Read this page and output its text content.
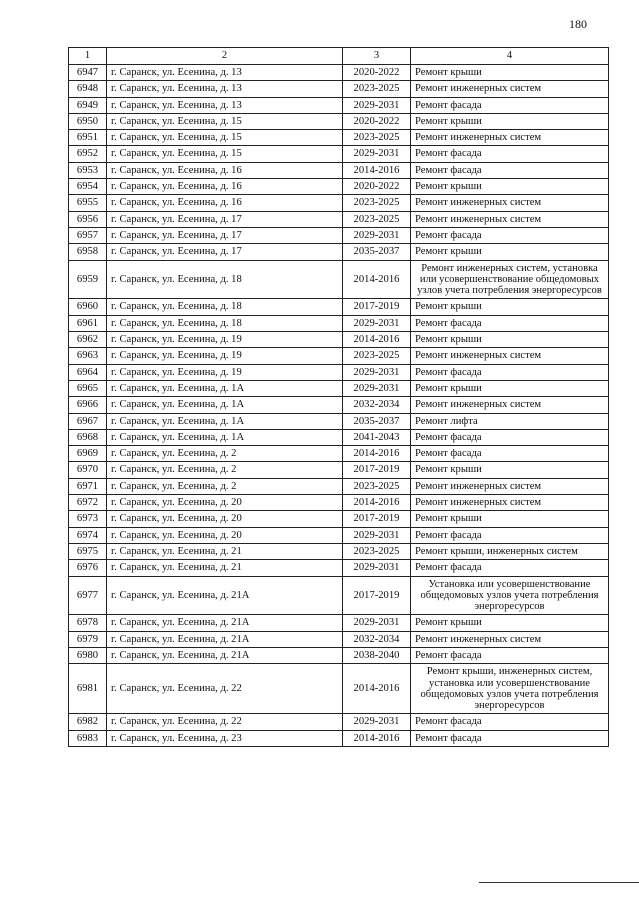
180
1	2	3	4
6947	г. Саранск, ул. Есенина, д. 13	2020-2022	Ремонт крыши
6948	г. Саранск, ул. Есенина, д. 13	2023-2025	Ремонт инженерных систем
6949	г. Саранск, ул. Есенина, д. 13	2029-2031	Ремонт фасада
6950	г. Саранск, ул. Есенина, д. 15	2020-2022	Ремонт крыши
6951	г. Саранск, ул. Есенина, д. 15	2023-2025	Ремонт инженерных систем
6952	г. Саранск, ул. Есенина, д. 15	2029-2031	Ремонт фасада
6953	г. Саранск, ул. Есенина, д. 16	2014-2016	Ремонт фасада
6954	г. Саранск, ул. Есенина, д. 16	2020-2022	Ремонт крыши
6955	г. Саранск, ул. Есенина, д. 16	2023-2025	Ремонт инженерных систем
6956	г. Саранск, ул. Есенина, д. 17	2023-2025	Ремонт инженерных систем
6957	г. Саранск, ул. Есенина, д. 17	2029-2031	Ремонт фасада
6958	г. Саранск, ул. Есенина, д. 17	2035-2037	Ремонт крыши
6959	г. Саранск, ул. Есенина, д. 18	2014-2016	Ремонт инженерных систем, установка или усовершенствование общедомовых узлов учета потребления энергоресурсов
6960	г. Саранск, ул. Есенина, д. 18	2017-2019	Ремонт крыши
6961	г. Саранск, ул. Есенина, д. 18	2029-2031	Ремонт фасада
6962	г. Саранск, ул. Есенина, д. 19	2014-2016	Ремонт крыши
6963	г. Саранск, ул. Есенина, д. 19	2023-2025	Ремонт инженерных систем
6964	г. Саранск, ул. Есенина, д. 19	2029-2031	Ремонт фасада
6965	г. Саранск, ул. Есенина, д. 1А	2029-2031	Ремонт крыши
6966	г. Саранск, ул. Есенина, д. 1А	2032-2034	Ремонт инженерных систем
6967	г. Саранск, ул. Есенина, д. 1А	2035-2037	Ремонт лифта
6968	г. Саранск, ул. Есенина, д. 1А	2041-2043	Ремонт фасада
6969	г. Саранск, ул. Есенина, д. 2	2014-2016	Ремонт фасада
6970	г. Саранск, ул. Есенина, д. 2	2017-2019	Ремонт крыши
6971	г. Саранск, ул. Есенина, д. 2	2023-2025	Ремонт инженерных систем
6972	г. Саранск, ул. Есенина, д. 20	2014-2016	Ремонт инженерных систем
6973	г. Саранск, ул. Есенина, д. 20	2017-2019	Ремонт крыши
6974	г. Саранск, ул. Есенина, д. 20	2029-2031	Ремонт фасада
6975	г. Саранск, ул. Есенина, д. 21	2023-2025	Ремонт крыши, инженерных систем
6976	г. Саранск, ул. Есенина, д. 21	2029-2031	Ремонт фасада
6977	г. Саранск, ул. Есенина, д. 21А	2017-2019	Установка или усовершенствование общедомовых узлов учета потребления энергоресурсов
6978	г. Саранск, ул. Есенина, д. 21А	2029-2031	Ремонт крыши
6979	г. Саранск, ул. Есенина, д. 21А	2032-2034	Ремонт инженерных систем
6980	г. Саранск, ул. Есенина, д. 21А	2038-2040	Ремонт фасада
6981	г. Саранск, ул. Есенина, д. 22	2014-2016	Ремонт крыши, инженерных систем, установка или усовершенствование общедомовых узлов учета потребления энергоресурсов
6982	г. Саранск, ул. Есенина, д. 22	2029-2031	Ремонт фасада
6983	г. Саранск, ул. Есенина, д. 23	2014-2016	Ремонт фасада
